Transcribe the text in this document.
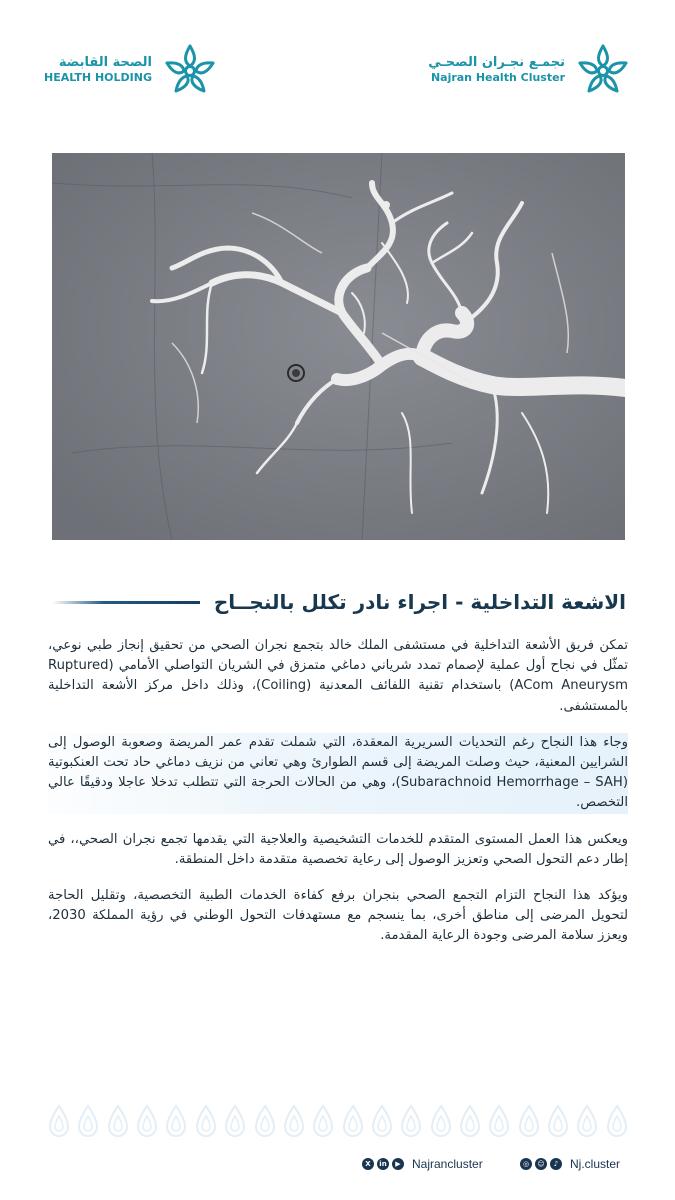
الصحة القابضة
HEALTH HOLDING
تجمـع نجـران الصحـي
Najran Health Cluster
الاشعة التداخلية - اجراء نادر تكلل بالنجــاح

تمكن فريق الأشعة التداخلية في مستشفى الملك خالد بتجمع نجران الصحي من تحقيق إنجاز طبي نوعي، تمثّل في نجاح أول عملية لإصمام تمدد شرياني دماغي متمزق في الشريان التواصلي الأمامي (Ruptured ACom Aneurysm) باستخدام تقنية اللفائف المعدنية (Coiling)، وذلك داخل مركز الأشعة التداخلية بالمستشفى.

وجاء هذا النجاح رغم التحديات السريرية المعقدة، التي شملت تقدم عمر المريضة وصعوبة الوصول إلى الشرايين المعنية، حيث وصلت المريضة إلى قسم الطوارئ وهي تعاني من نزيف دماغي حاد تحت العنكبوتية (Subarachnoid Hemorrhage – SAH)، وهي من الحالات الحرجة التي تتطلب تدخلا عاجلا ودقيقًا عالي التخصص.

ويعكس هذا العمل المستوى المتقدم للخدمات التشخيصية والعلاجية التي يقدمها تجمع نجران الصحي،، في إطار دعم التحول الصحي وتعزيز الوصول إلى رعاية تخصصية متقدمة داخل المنطقة.

ويؤكد هذا النجاح التزام التجمع الصحي بنجران برفع كفاءة الخدمات الطبية التخصصية، وتقليل الحاجة لتحويل المرضى إلى مناطق أخرى، بما ينسجم مع مستهدفات التحول الوطني في رؤية المملكة 2030، ويعزز سلامة المرضى وجودة الرعاية المقدمة.

X	in	▶ Najrancluster	◎	☺	♪ Nj.cluster
